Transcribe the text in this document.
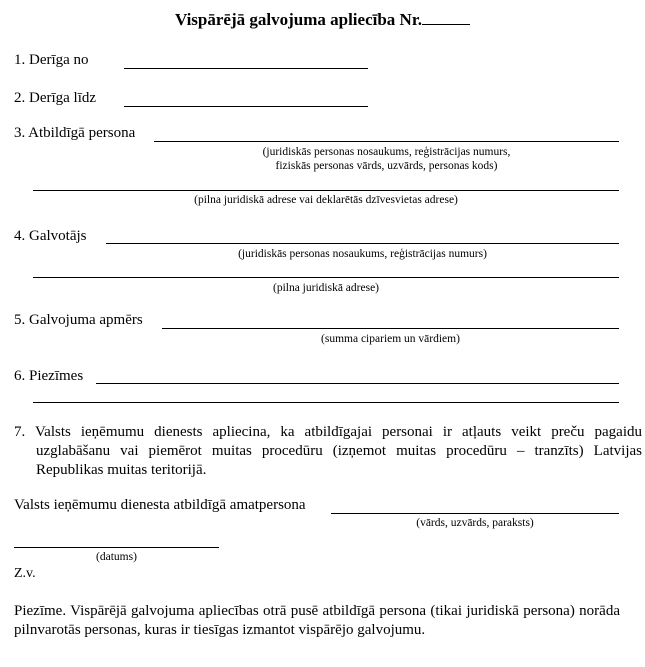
Vispārējā galvojuma apliecība Nr.
1. Derīga no
2. Derīga līdz
3. Atbildīgā persona
(juridiskās personas nosaukums, reģistrācijas numurs,
fiziskās personas vārds, uzvārds, personas kods)
(pilna juridiskā adrese vai deklarētās dzīvesvietas adrese)
4. Galvotājs
(juridiskās personas nosaukums, reģistrācijas numurs)
(pilna juridiskā adrese)
5. Galvojuma apmērs
(summa cipariem un vārdiem)
6. Piezīmes
7. Valsts ieņēmumu dienests apliecina, ka atbildīgajai personai ir atļauts veikt preču pagaidu uzglabāšanu vai piemērot muitas procedūru (izņemot muitas procedūru – tranzīts) Latvijas Republikas muitas teritorijā.
Valsts ieņēmumu dienesta atbildīgā amatpersona
(vārds, uzvārds, paraksts)
(datums)
Z.v.
Piezīme. Vispārējā galvojuma apliecības otrā pusē atbildīgā persona (tikai juridiskā persona) norāda pilnvarotās personas, kuras ir tiesīgas izmantot vispārējo galvojumu.
